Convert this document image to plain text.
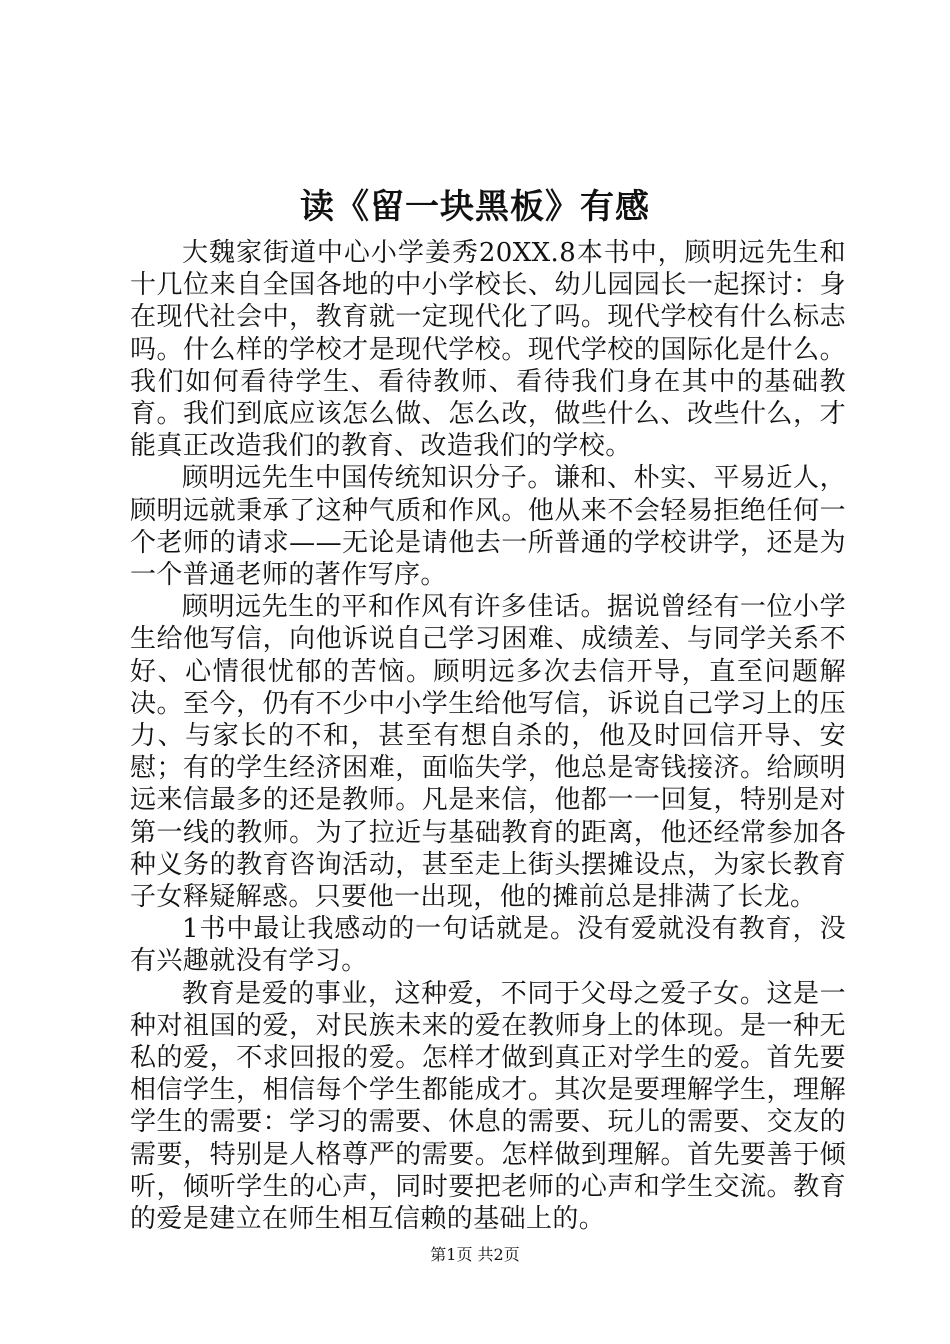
读《留一块黑板》有感

大魏家街道中心小学姜秀20XX.8本书中，顾明远先生和十几位来自全国各地的中小学校长、幼儿园园长一起探讨：身在现代社会中，教育就一定现代化了吗。现代学校有什么标志吗。什么样的学校才是现代学校。现代学校的国际化是什么。我们如何看待学生、看待教师、看待我们身在其中的基础教育。我们到底应该怎么做、怎么改，做些什么、改些什么，才能真正改造我们的教育、改造我们的学校。

顾明远先生中国传统知识分子。谦和、朴实、平易近人，顾明远就秉承了这种气质和作风。他从来不会轻易拒绝任何一个老师的请求——无论是请他去一所普通的学校讲学，还是为一个普通老师的著作写序。

顾明远先生的平和作风有许多佳话。据说曾经有一位小学生给他写信，向他诉说自己学习困难、成绩差、与同学关系不好、心情很忧郁的苦恼。顾明远多次去信开导，直至问题解决。至今，仍有不少中小学生给他写信，诉说自己学习上的压力、与家长的不和，甚至有想自杀的，他及时回信开导、安慰；有的学生经济困难，面临失学，他总是寄钱接济。给顾明远来信最多的还是教师。凡是来信，他都一一回复，特别是对第一线的教师。为了拉近与基础教育的距离，他还经常参加各种义务的教育咨询活动，甚至走上街头摆摊设点，为家长教育子女释疑解惑。只要他一出现，他的摊前总是排满了长龙。

1书中最让我感动的一句话就是。没有爱就没有教育，没有兴趣就没有学习。

教育是爱的事业，这种爱，不同于父母之爱子女。这是一种对祖国的爱，对民族未来的爱在教师身上的体现。是一种无私的爱，不求回报的爱。怎样才做到真正对学生的爱。首先要相信学生，相信每个学生都能成才。其次是要理解学生，理解学生的需要：学习的需要、休息的需要、玩儿的需要、交友的需要，特别是人格尊严的需要。怎样做到理解。首先要善于倾听，倾听学生的心声，同时要把老师的心声和学生交流。教育的爱是建立在师生相互信赖的基础上的。

第1页 共2页
